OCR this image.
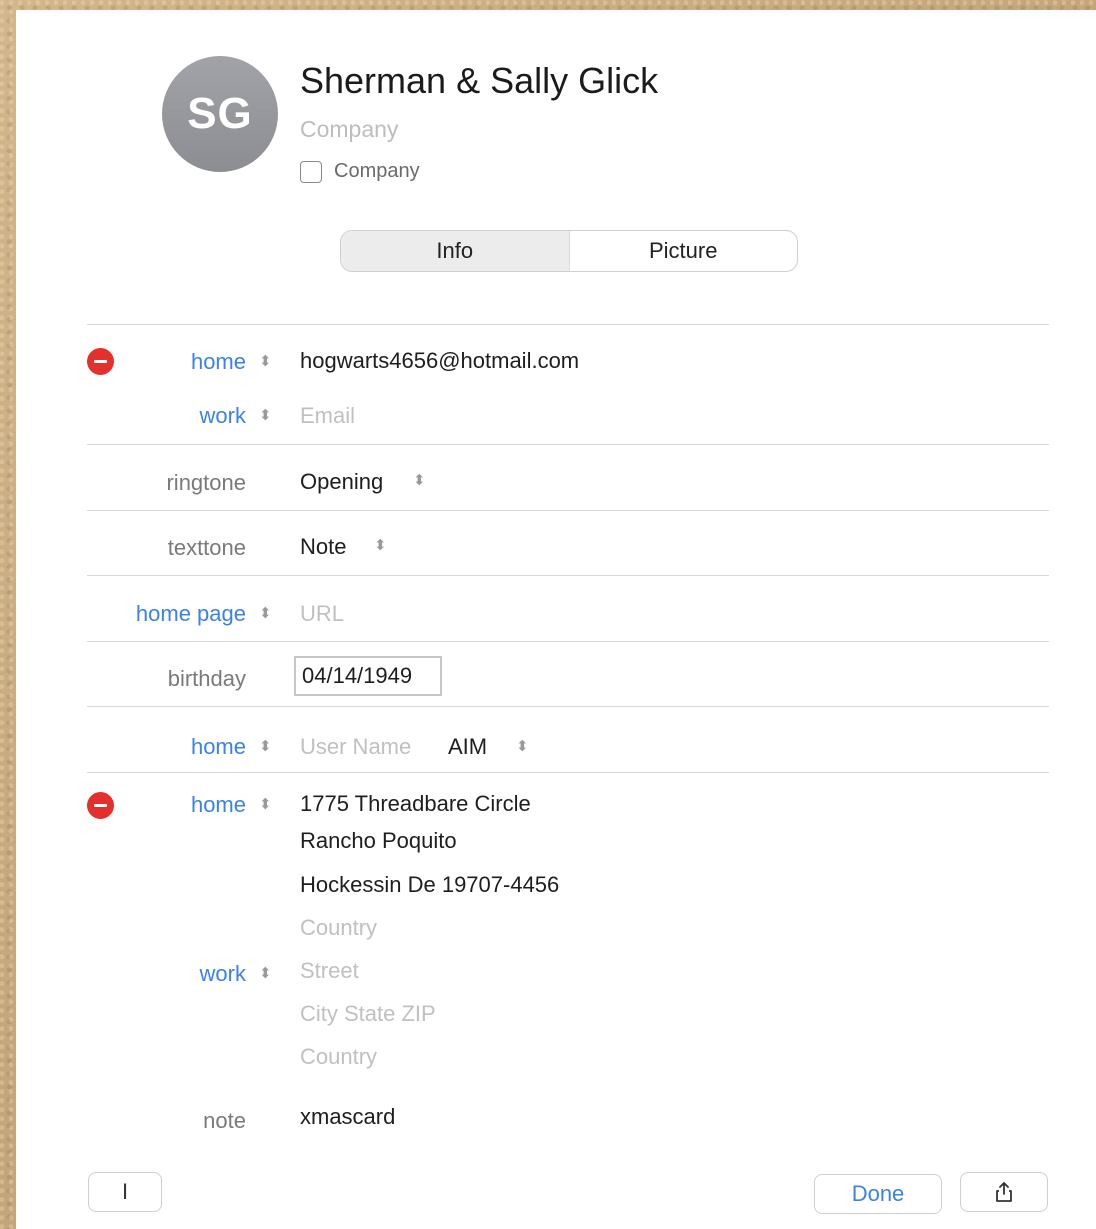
SG
Sherman & Sally Glick
Company
Company
Info	Picture
home ⬍ hogwarts4656@hotmail.com
work ⬍ Email
ringtone Opening ⬍
texttone Note ⬍
home page ⬍ URL
birthday	04/14/1949
home ⬍ User Name AIM ⬍
home ⬍ 1775 Threadbare Circle
Rancho Poquito
Hockessin De 19707-4456
Country
work ⬍ Street
City State ZIP
Country
note xmascard
I	Done
